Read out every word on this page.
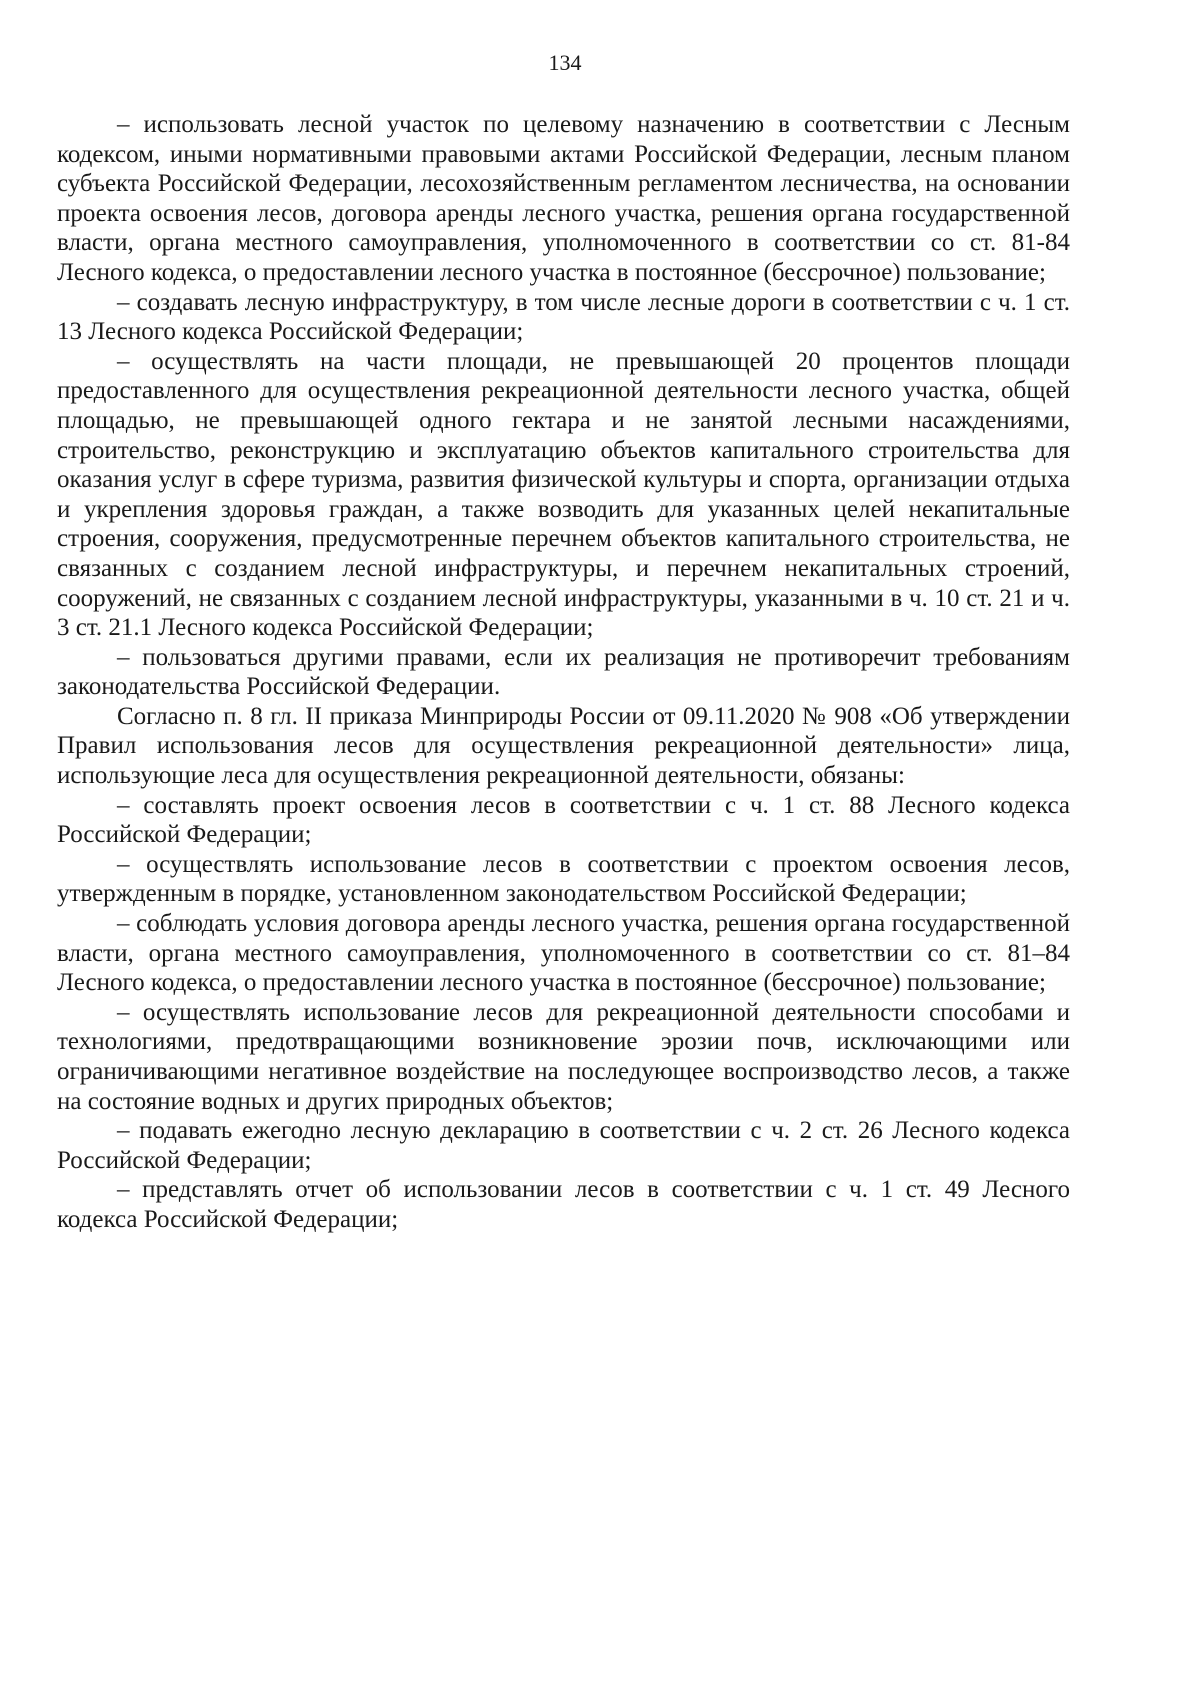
134

– использовать лесной участок по целевому назначению в соответствии с Лесным кодексом, иными нормативными правовыми актами Российской Федерации, лесным планом субъекта Российской Федерации, лесохозяйственным регламентом лесничества, на основании проекта освоения лесов, договора аренды лесного участка, решения органа государственной власти, органа местного самоуправления, уполномоченного в соответствии со ст. 81-84 Лесного кодекса, о предоставлении лесного участка в постоянное (бессрочное) пользование;

– создавать лесную инфраструктуру, в том числе лесные дороги в соответствии с ч. 1 ст. 13 Лесного кодекса Российской Федерации;

– осуществлять на части площади, не превышающей 20 процентов площади предоставленного для осуществления рекреационной деятельности лесного участка, общей площадью, не превышающей одного гектара и не занятой лесными насаждениями, строительство, реконструкцию и эксплуатацию объектов капитального строительства для оказания услуг в сфере туризма, развития физической культуры и спорта, организации отдыха и укрепления здоровья граждан, а также возводить для указанных целей некапитальные строения, сооружения, предусмотренные перечнем объектов капитального строительства, не связанных с созданием лесной инфраструктуры, и перечнем некапитальных строений, сооружений, не связанных с созданием лесной инфраструктуры, указанными в ч. 10 ст. 21 и ч. 3 ст. 21.1 Лесного кодекса Российской Федерации;

– пользоваться другими правами, если их реализация не противоречит требованиям законодательства Российской Федерации.

Согласно п. 8 гл. II приказа Минприроды России от 09.11.2020 № 908 «Об утверждении Правил использования лесов для осуществления рекреационной деятельности» лица, использующие леса для осуществления рекреационной деятельности, обязаны:

– составлять проект освоения лесов в соответствии с ч. 1 ст. 88 Лесного кодекса Российской Федерации;

– осуществлять использование лесов в соответствии с проектом освоения лесов, утвержденным в порядке, установленном законодательством Российской Федерации;

– соблюдать условия договора аренды лесного участка, решения органа государственной власти, органа местного самоуправления, уполномоченного в соответствии со ст. 81–84 Лесного кодекса, о предоставлении лесного участка в постоянное (бессрочное) пользование;

– осуществлять использование лесов для рекреационной деятельности способами и технологиями, предотвращающими возникновение эрозии почв, исключающими или ограничивающими негативное воздействие на последующее воспроизводство лесов, а также на состояние водных и других природных объектов;

– подавать ежегодно лесную декларацию в соответствии с ч. 2 ст. 26 Лесного кодекса Российской Федерации;

– представлять отчет об использовании лесов в соответствии с ч. 1 ст. 49 Лесного кодекса Российской Федерации;
